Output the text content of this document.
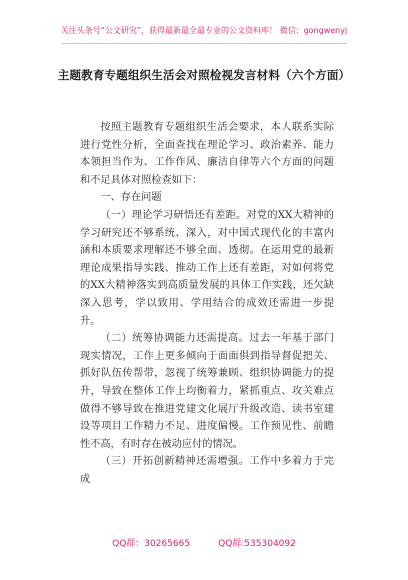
关注头条号“公文研究”，获得最新最全最专业的公文资料库！ 微信：gongwenyj
主题教育专题组织生活会对照检视发言材料（六个方面）

按照主题教育专题组织生活会要求，本人联系实际进行党性分析，全面查找在理论学习、政治素养、能力本领担当作为、工作作风、廉洁自律等六个方面的问题和不足具体对照检查如下：

一、存在问题

（一）理论学习研悟还有差距。对党的XX大精神的学习研究还不够系统、深入，对中国式现代化的丰富内涵和本质要求理解还不够全面、透彻。在运用党的最新理论成果指导实践、推动工作上还有差距，对如何将党的XX大精神落实到高质量发展的具体工作实践，还欠缺深入思考，学以致用、学用结合的成效还需进一步提升。

（二）统筹协调能力还需提高。过去一年基于部门现实情况，工作上更多倾向于面面俱到指导督促把关、抓好队伍传帮带，忽视了统筹兼顾、组织协调能力的提升，导致在整体工作上均衡着力，紧抓重点、攻关难点做得不够导致在推进党建文化展厅升级改造、读书室建设等项目工作精力不足、进度偏慢。工作预见性、前瞻性不高，有时存在被动应付的情况。

（三）开拓创新精神还需增强。工作中多着力于完成

QQ群：30265665	QQ群:535304092
